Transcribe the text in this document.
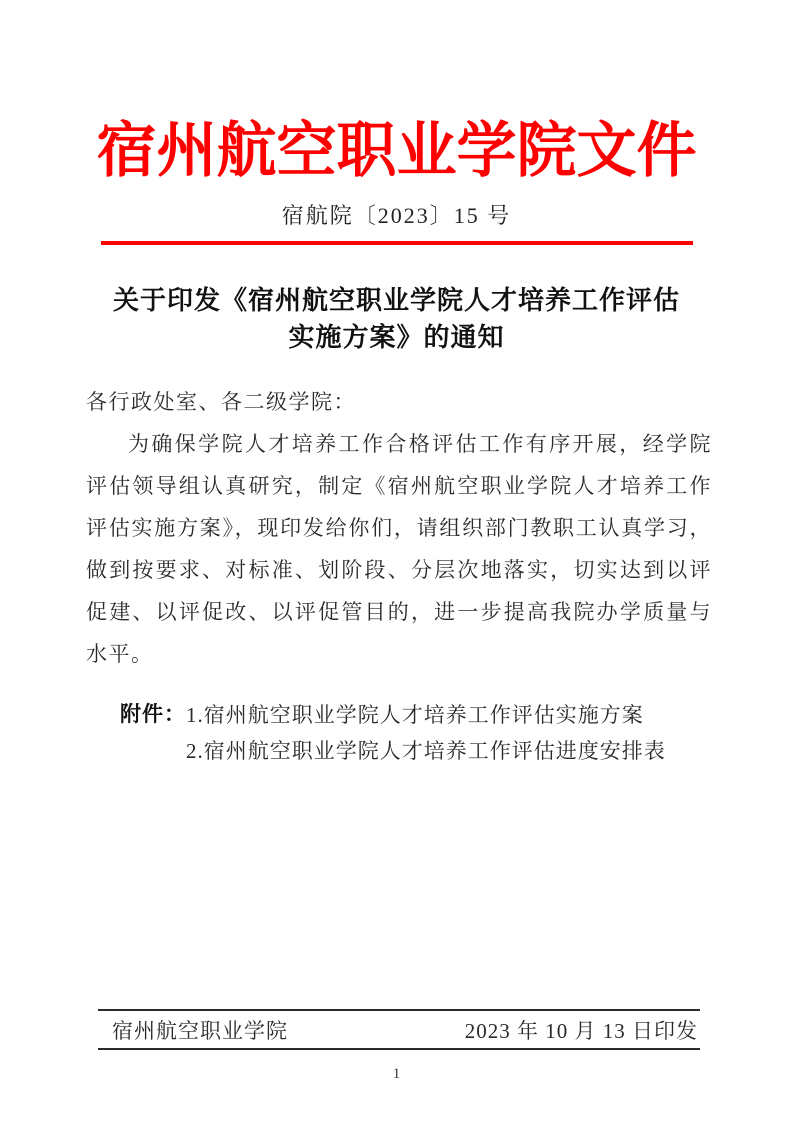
宿州航空职业学院文件
宿航院〔2023〕15 号
关于印发《宿州航空职业学院人才培养工作评估
实施方案》的通知
各行政处室、各二级学院：
为确保学院人才培养工作合格评估工作有序开展，经学院评估领导组认真研究，制定《宿州航空职业学院人才培养工作评估实施方案》，现印发给你们，请组织部门教职工认真学习，做到按要求、对标准、划阶段、分层次地落实，切实达到以评促建、以评促改、以评促管目的，进一步提高我院办学质量与水平。
附件： 1.宿州航空职业学院人才培养工作评估实施方案
2.宿州航空职业学院人才培养工作评估进度安排表
宿州航空职业学院	2023 年 10 月 13 日印发
1
